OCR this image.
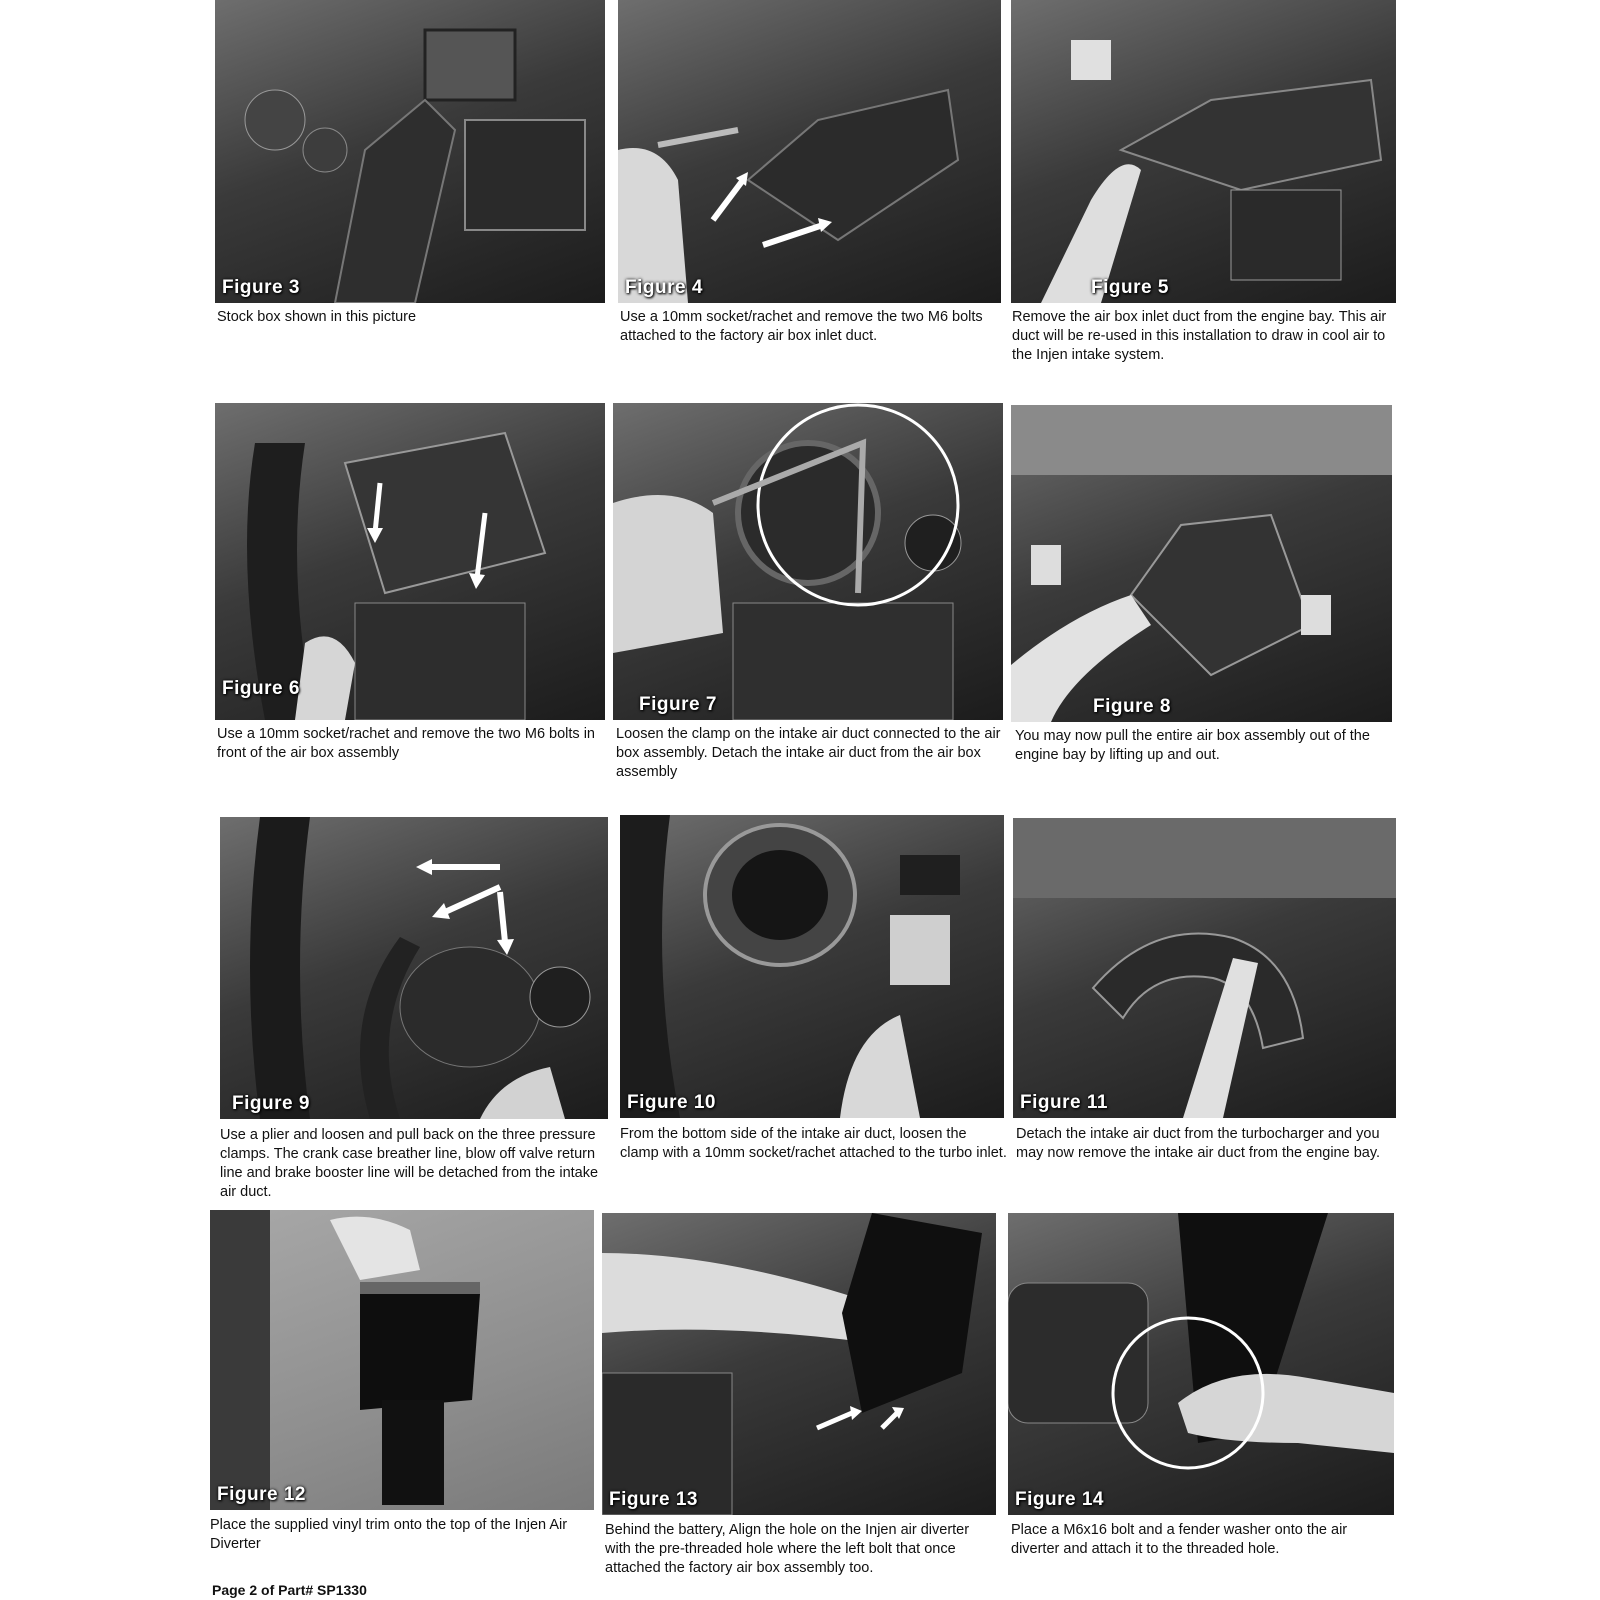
Figure 3
Stock box shown in this picture
Figure 4
Use a 10mm socket/rachet and remove the two M6 bolts attached to the factory air box inlet duct.
Figure 5
Remove the air box inlet duct from the engine bay. This air duct will be re-used in this installation to draw in cool air to the Injen intake system.
Figure 6
Use a 10mm socket/rachet and remove the two M6 bolts in front of the air box assembly
Figure 7
Loosen the clamp on the intake air duct connected to the air box assembly. Detach the intake air duct from the air box assembly
Figure 8
You may now pull the entire air box assembly out of the engine bay by lifting up and out.
Figure 9
Use a plier and loosen and pull back on the three pressure clamps. The crank case breather line, blow off valve return line and brake booster line will be detached from the intake air duct.
Figure 10
From the bottom side of the intake air duct, loosen the clamp with a 10mm socket/rachet attached to the turbo inlet.
Figure 11
Detach the intake air duct from the turbocharger and you may now remove the intake air duct from the engine bay.
Figure 12
Place the supplied vinyl trim onto the top of the Injen Air Diverter
Figure 13
Behind the battery, Align the hole on the Injen air diverter with the pre-threaded hole where the left bolt that once attached the factory air box assembly too.
Figure 14
Place a M6x16 bolt and a fender washer onto the air diverter and attach it to the threaded hole.
Page 2 of Part# SP1330
